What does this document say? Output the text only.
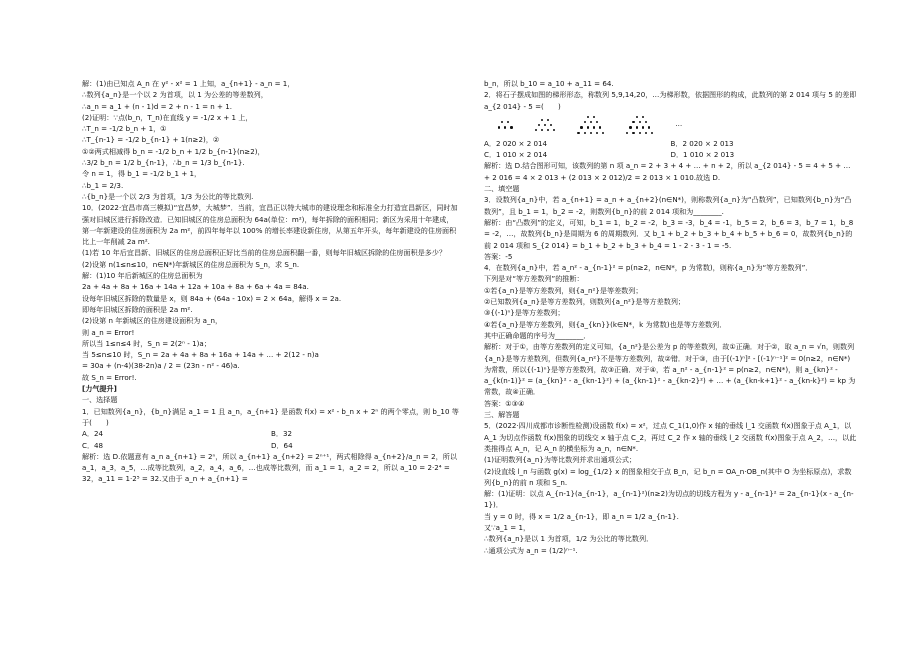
解：(1)由已知点 A_n 在 y² - x² = 1 上知，a_{n+1} - a_n = 1，
∴数列{a_n}是一个以 2 为首项，以 1 为公差的等差数列，
∴a_n = a_1 + (n - 1)d = 2 + n - 1 = n + 1.
(2)证明：∵点(b_n，T_n)在直线 y = -1/2 x + 1 上，
∴T_n = -1/2 b_n + 1，①
∴T_{n-1} = -1/2 b_{n-1} + 1(n≥2)，②
①②两式相减得 b_n = -1/2 b_n + 1/2 b_{n-1}(n≥2)，
∴3/2 b_n = 1/2 b_{n-1}，∴b_n = 1/3 b_{n-1}.
令 n = 1，得 b_1 = -1/2 b_1 + 1，
∴b_1 = 2/3.
∴{b_n}是一个以 2/3 为首项，1/3 为公比的等比数列.
10．(2022·宜昌市高三模拟)“宜昌梦，大城梦”．当前，宜昌正以特大城市的建设理念和标准全力打造宜昌新区，同时加强对旧城区进行拆除改造．已知旧城区的住房总面积为 64a(单位：m²)，每年拆除的面积相同；新区为采用十年建成，第一年新建设的住房面积为 2a m²，前四年每年以 100% 的增长率建设新住房，从第五年开头，每年新建设的住房面积比上一年削减 2a m².
(1)若 10 年后宜昌新、旧城区的住房总面积正好比当前的住房总面积翻一番，则每年旧城区拆除的住房面积是多少？
(2)设第 n(1≤n≤10，n∈N*)年新城区的住房总面积为 S_n，求 S_n.
解：(1)10 年后新城区的住房总面积为
2a + 4a + 8a + 16a + 14a + 12a + 10a + 8a + 6a + 4a = 84a.
设每年旧城区拆除的数量是 x，则 84a + (64a - 10x) = 2 × 64a，解得 x = 2a.
即每年旧城区拆除的面积是 2a m².
(2)设第 n 年新城区的住房建设面积为 a_n，
则 a_n = Error!
所以当 1≤n≤4 时，S_n = 2(2ⁿ - 1)a；
当 5≤n≤10 时，S_n = 2a + 4a + 8a + 16a + 14a + … + 2(12 - n)a
= 30a + (n-4)(38-2n)a / 2 = (23n - n² - 46)a.
故 S_n = Error!.
[力气提升]
一、选择题
1．已知数列{a_n}，{b_n}满足 a_1 = 1 且 a_n，a_{n+1} 是函数 f(x) = x² - b_n x + 2ⁿ 的两个零点，则 b_10 等于(　　)
A．24	B．32
C．48	D．64
解析：选 D.依题意有 a_n a_{n+1} = 2ⁿ，所以 a_{n+1} a_{n+2} = 2ⁿ⁺¹，两式相除得 a_{n+2}/a_n = 2，所以 a_1，a_3，a_5，…成等比数列，a_2，a_4，a_6，…也成等比数列，而 a_1 = 1，a_2 = 2，所以 a_10 = 2·2⁴ = 32，a_11 = 1·2⁵ = 32.又由于 a_n + a_{n+1} =
b_n，所以 b_10 = a_10 + a_11 = 64.
2．将石子摆成如图的梯形形态，称数列 5,9,14,20，…为梯形数，依据图形的构成，此数列的第 2 014 项与 5 的差即 a_{2 014} - 5 =(　　)
…
A．2 020 × 2 014	B．2 020 × 2 013
C．1 010 × 2 014	D．1 010 × 2 013
解析：选 D.结合图形可知，该数列的第 n 项 a_n = 2 + 3 + 4 + … + n + 2，所以 a_{2 014} - 5 = 4 + 5 + … + 2 016 = 4 × 2 013 + (2 013 × 2 012)/2 = 2 013 × 1 010.故选 D.
二、填空题
3．设数列{a_n}中，若 a_{n+1} = a_n + a_{n+2}(n∈N*)，则称数列{a_n}为“凸数列”，已知数列{b_n}为“凸数列”，且 b_1 = 1，b_2 = -2，则数列{b_n}的前 2 014 项和为________.
解析：由“凸数列”的定义，可知，b_1 = 1，b_2 = -2，b_3 = -3，b_4 = -1，b_5 = 2，b_6 = 3，b_7 = 1，b_8 = -2，…，故数列{b_n}是周期为 6 的周期数列．又 b_1 + b_2 + b_3 + b_4 + b_5 + b_6 = 0，故数列{b_n}的前 2 014 项和 S_{2 014} = b_1 + b_2 + b_3 + b_4 = 1 - 2 - 3 - 1 = -5.
答案：-5
4．在数列{a_n}中，若 a_n² - a_{n-1}² = p(n≥2，n∈N*，p 为常数)，则称{a_n}为“等方差数列”．
下列是对“等方差数列”的推断：
①若{a_n}是等方差数列，则{a_n²}是等差数列；
②已知数列{a_n}是等方差数列，则数列{a_n²}是等方差数列；
③{(-1)ⁿ}是等方差数列；
④若{a_n}是等方差数列，则{a_{kn}}(k∈N*，k 为常数)也是等方差数列．
其中正确命题的序号为________．
解析：对于①，由等方差数列的定义可知，{a_n²}是公差为 p 的等差数列，故①正确．对于②，取 a_n = √n，则数列{a_n}是等方差数列，但数列{a_n²}不是等方差数列，故②错．对于③，由于[(-1)ⁿ]² - [(-1)ⁿ⁻¹]² = 0(n≥2，n∈N*)为常数，所以{(-1)ⁿ}是等方差数列，故③正确．对于④，若 a_n² - a_{n-1}² = p(n≥2，n∈N*)，则 a_{kn}² - a_{k(n-1)}² = (a_{kn}² - a_{kn-1}²) + (a_{kn-1}² - a_{kn-2}²) + … + (a_{kn-k+1}² - a_{kn-k}²) = kp 为常数，故④正确．
答案：①③④
三、解答题
5．(2022·四川成都市诊断性检测)设函数 f(x) = x²，过点 C_1(1,0)作 x 轴的垂线 l_1 交函数 f(x)图象于点 A_1，以 A_1 为切点作函数 f(x)图象的切线交 x 轴于点 C_2，再过 C_2 作 x 轴的垂线 l_2 交函数 f(x)图象于点 A_2，…，以此类推得点 A_n，记 A_n 的横坐标为 a_n，n∈N*.
(1)证明数列{a_n}为等比数列并求出通项公式；
(2)设直线 l_n 与函数 g(x) = log_{1/2} x 的图象相交于点 B_n，记 b_n = OA_n·OB_n(其中 O 为坐标原点)，求数列{b_n}的前 n 项和 S_n.
解：(1)证明：以点 A_{n-1}(a_{n-1}，a_{n-1}²)(n≥2)为切点的切线方程为 y - a_{n-1}² = 2a_{n-1}(x - a_{n-1})．
当 y = 0 时，得 x = 1/2 a_{n-1}，即 a_n = 1/2 a_{n-1}.
又∵a_1 = 1，
∴数列{a_n}是以 1 为首项，1/2 为公比的等比数列．
∴通项公式为 a_n = (1/2)ⁿ⁻¹.
